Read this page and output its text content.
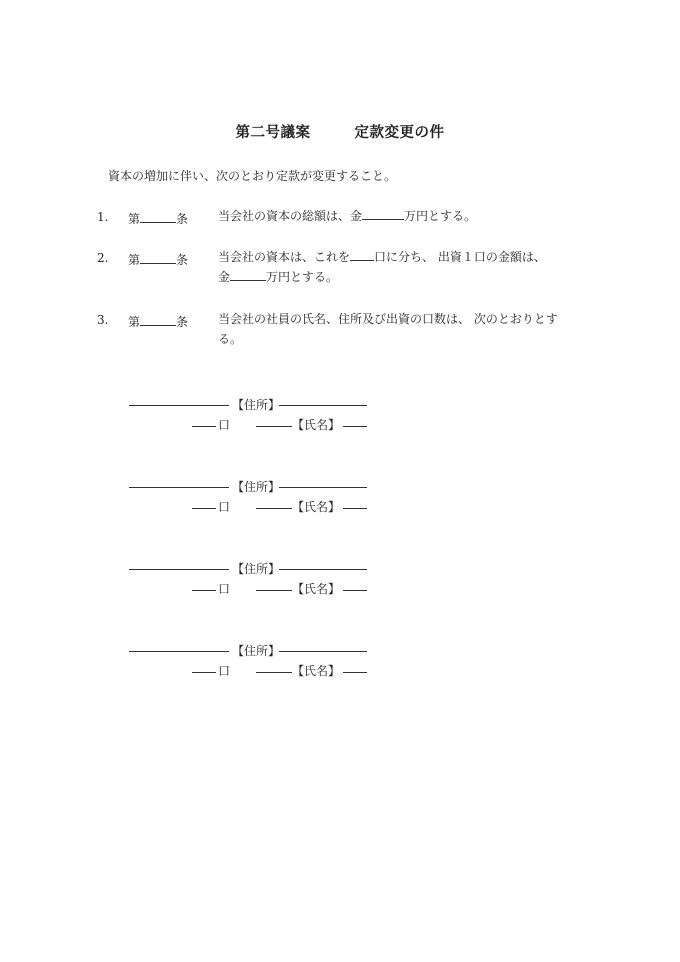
第二号議案	定款変更の件
資本の増加に伴い、次のとおり定款が変更すること。
1. 第	条 当会社の資本の総額は、金	万円とする。
2. 第	条 当会社の資本は、これを 口に分ち、 出資１口の金額は、
金	万円とする。
3. 第	条 当会社の社員の氏名、住所及び出資の口数は、 次のとおりとす
る。
【住所】
口	【氏名】
【住所】
口	【氏名】
【住所】
口	【氏名】
【住所】
口	【氏名】
